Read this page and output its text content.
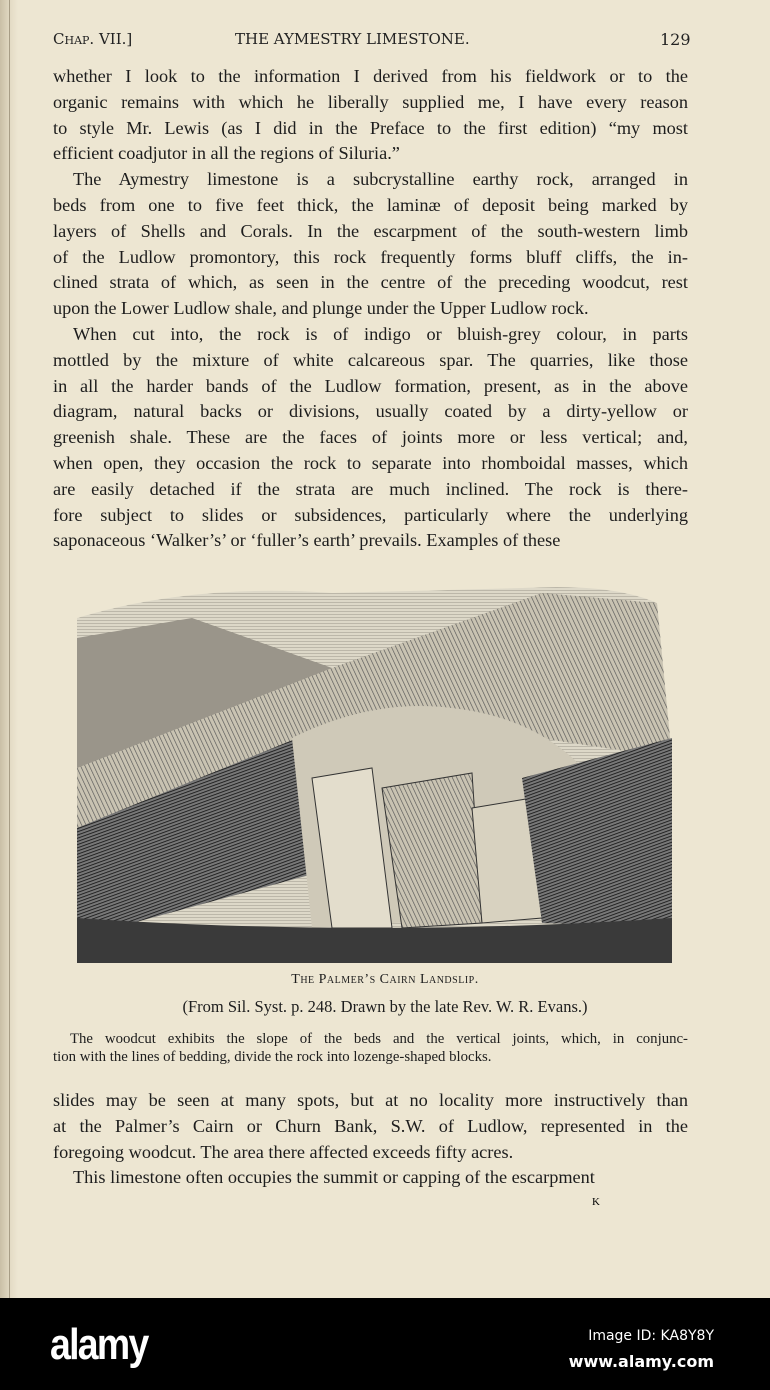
Chap. VII.]	THE AYMESTRY LIMESTONE.	129
whether I look to the information I derived from his fieldwork or to the
organic remains with which he liberally supplied me, I have every reason
to style Mr. Lewis (as I did in the Preface to the first edition) “my most
efficient coadjutor in all the regions of Siluria.”
The Aymestry limestone is a subcrystalline earthy rock, arranged in
beds from one to five feet thick, the laminæ of deposit being marked by
layers of Shells and Corals. In the escarpment of the south-western limb
of the Ludlow promontory, this rock frequently forms bluff cliffs, the in-
clined strata of which, as seen in the centre of the preceding woodcut, rest
upon the Lower Ludlow shale, and plunge under the Upper Ludlow rock.
When cut into, the rock is of indigo or bluish-grey colour, in parts
mottled by the mixture of white calcareous spar. The quarries, like those
in all the harder bands of the Ludlow formation, present, as in the above
diagram, natural backs or divisions, usually coated by a dirty-yellow or
greenish shale. These are the faces of joints more or less vertical; and,
when open, they occasion the rock to separate into rhomboidal masses, which
are easily detached if the strata are much inclined. The rock is there-
fore subject to slides or subsidences, particularly where the underlying
saponaceous ‘Walker’s’ or ‘fuller’s earth’ prevails. Examples of these
The Palmer’s Cairn Landslip.
(From Sil. Syst. p. 248. Drawn by the late Rev. W. R. Evans.)
The woodcut exhibits the slope of the beds and the vertical joints, which, in conjunc-
tion with the lines of bedding, divide the rock into lozenge-shaped blocks.
slides may be seen at many spots, but at no locality more instructively than
at the Palmer’s Cairn or Churn Bank, S.W. of Ludlow, represented in the
foregoing woodcut. The area there affected exceeds fifty acres.
This limestone often occupies the summit or capping of the escarpment
K
alamy	Image ID: KA8Y8Y
www.alamy.com
